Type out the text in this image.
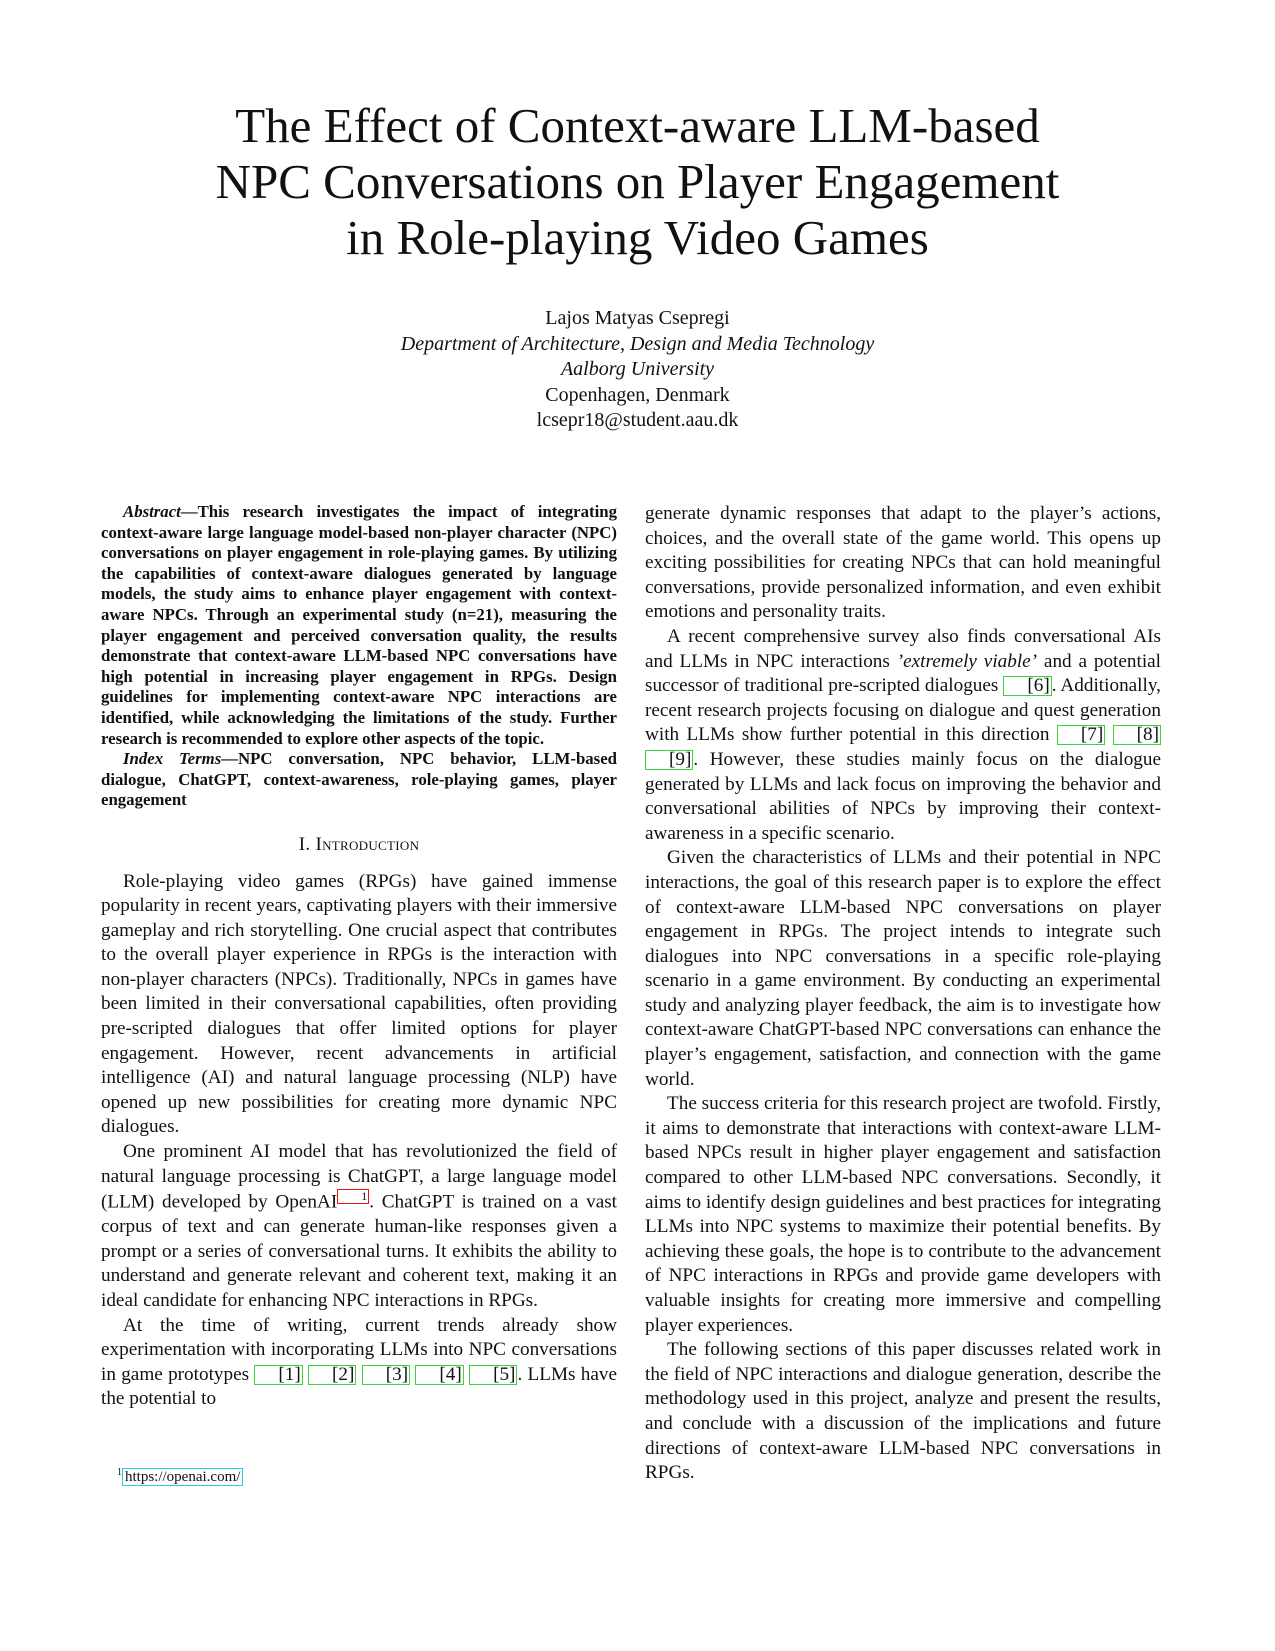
The Effect of Context-aware LLM-based
NPC Conversations on Player Engagement
in Role-playing Video Games
Lajos Matyas Csepregi
Department of Architecture, Design and Media Technology
Aalborg University
Copenhagen, Denmark
lcsepr18@student.aau.dk

Abstract—This research investigates the impact of integrating context-aware large language model-based non-player character (NPC) conversations on player engagement in role-playing games. By utilizing the capabilities of context-aware dialogues generated by language models, the study aims to enhance player engagement with context-aware NPCs. Through an experimental study (n=21), measuring the player engagement and perceived conversation quality, the results demonstrate that context-aware LLM-based NPC conversations have high potential in increasing player engagement in RPGs. Design guidelines for implementing context-aware NPC interactions are identified, while acknowledging the limitations of the study. Further research is recommended to explore other aspects of the topic.

Index Terms—NPC conversation, NPC behavior, LLM-based dialogue, ChatGPT, context-awareness, role-playing games, player engagement

I. Introduction

Role-playing video games (RPGs) have gained immense popularity in recent years, captivating players with their immersive gameplay and rich storytelling. One crucial aspect that contributes to the overall player experience in RPGs is the interaction with non-player characters (NPCs). Traditionally, NPCs in games have been limited in their conversational capabilities, often providing pre-scripted dialogues that offer limited options for player engagement. However, recent advancements in artificial intelligence (AI) and natural language processing (NLP) have opened up new possibilities for creating more dynamic NPC dialogues.

One prominent AI model that has revolutionized the field of natural language processing is ChatGPT, a large language model (LLM) developed by OpenAI 1 . ChatGPT is trained on a vast corpus of text and can generate human-like responses given a prompt or a series of conversational turns. It exhibits the ability to understand and generate relevant and coherent text, making it an ideal candidate for enhancing NPC interactions in RPGs.

At the time of writing, current trends already show experimentation with incorporating LLMs into NPC conversations in game prototypes [1] [2] [3] [4] [5] . LLMs have the potential to

generate dynamic responses that adapt to the player’s actions, choices, and the overall state of the game world. This opens up exciting possibilities for creating NPCs that can hold meaningful conversations, provide personalized information, and even exhibit emotions and personality traits.

A recent comprehensive survey also finds conversational AIs and LLMs in NPC interactions ’extremely viable’ and a potential successor of traditional pre-scripted dialogues [6] . Additionally, recent research projects focusing on dialogue and quest generation with LLMs show further potential in this direction [7] [8] [9] . However, these studies mainly focus on the dialogue generated by LLMs and lack focus on improving the behavior and conversational abilities of NPCs by improving their context-awareness in a specific scenario.

Given the characteristics of LLMs and their potential in NPC interactions, the goal of this research paper is to explore the effect of context-aware LLM-based NPC conversations on player engagement in RPGs. The project intends to integrate such dialogues into NPC conversations in a specific role-playing scenario in a game environment. By conducting an experimental study and analyzing player feedback, the aim is to investigate how context-aware ChatGPT-based NPC conversations can enhance the player’s engagement, satisfaction, and connection with the game world.

The success criteria for this research project are twofold. Firstly, it aims to demonstrate that interactions with context-aware LLM-based NPCs result in higher player engagement and satisfaction compared to other LLM-based NPC conversations. Secondly, it aims to identify design guidelines and best practices for integrating LLMs into NPC systems to maximize their potential benefits. By achieving these goals, the hope is to contribute to the advancement of NPC interactions in RPGs and provide game developers with valuable insights for creating more immersive and compelling player experiences.

The following sections of this paper discusses related work in the field of NPC interactions and dialogue generation, describe the methodology used in this project, analyze and present the results, and conclude with a discussion of the implications and future directions of context-aware LLM-based NPC conversations in RPGs.

$^1$ https://openai.com/
